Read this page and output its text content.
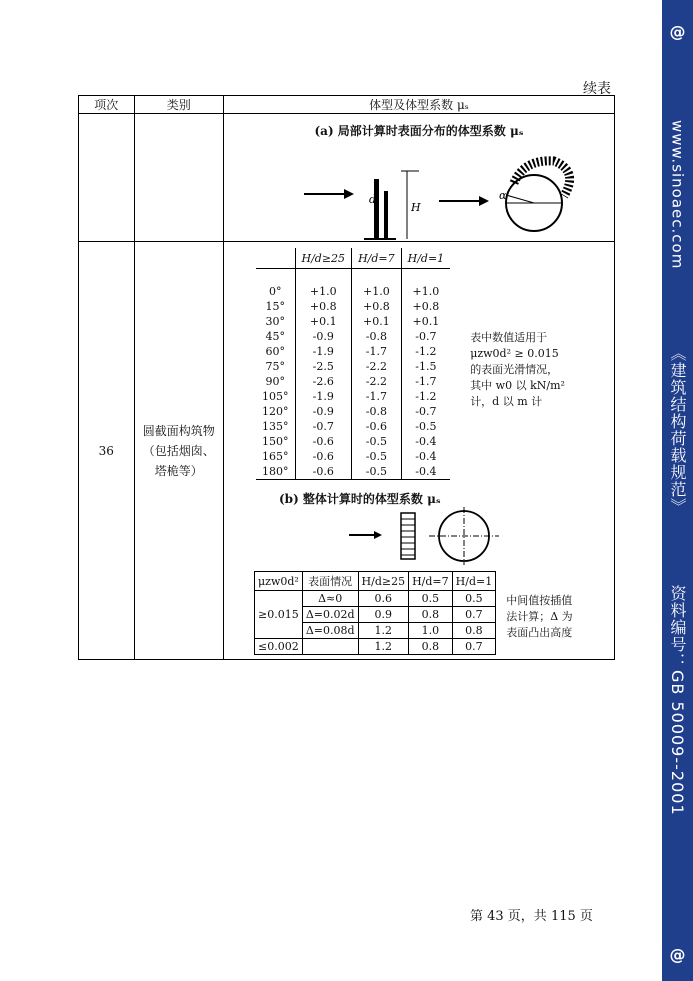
@
www.sinoaec.com
《建筑结构荷载规范》
资料编号：GB 50009--2001
@
续表
项次	类别	体型及体型系数 μₛ

(a) 局部计算时表面分布的体型系数 μₛ
d
H
α

36	圆截面构筑物（包括烟囱、塔桅等）	
	H/d≥25	H/d=7	H/d=1

0°	+1.0	+1.0	+1.0
15°	+0.8	+0.8	+0.8
30°	+0.1	+0.1	+0.1
45°	-0.9	-0.8	-0.7
60°	-1.9	-1.7	-1.2
75°	-2.5	-2.2	-1.5
90°	-2.6	-2.2	-1.7
105°	-1.9	-1.7	-1.2
120°	-0.9	-0.8	-0.7
135°	-0.7	-0.6	-0.5
150°	-0.6	-0.5	-0.4
165°	-0.6	-0.5	-0.4
180°	-0.6	-0.5	-0.4

表中数值适用于 μzw0d² ≥ 0.015 的表面光滑情况，其中 w0 以 kN/m² 计，d 以 m 计
(b) 整体计算时的体型系数 μₛ
μzw0d²	表面情况	H/d≥25	H/d=7	H/d=1
≥0.015	Δ≈0	0.6	0.5	0.5
Δ=0.02d	0.9	0.8	0.7
Δ=0.08d	1.2	1.0	0.8
≤0.002		1.2	0.8	0.7
中间值按插值法计算；Δ 为表面凸出高度
第 43 页，共 115 页
